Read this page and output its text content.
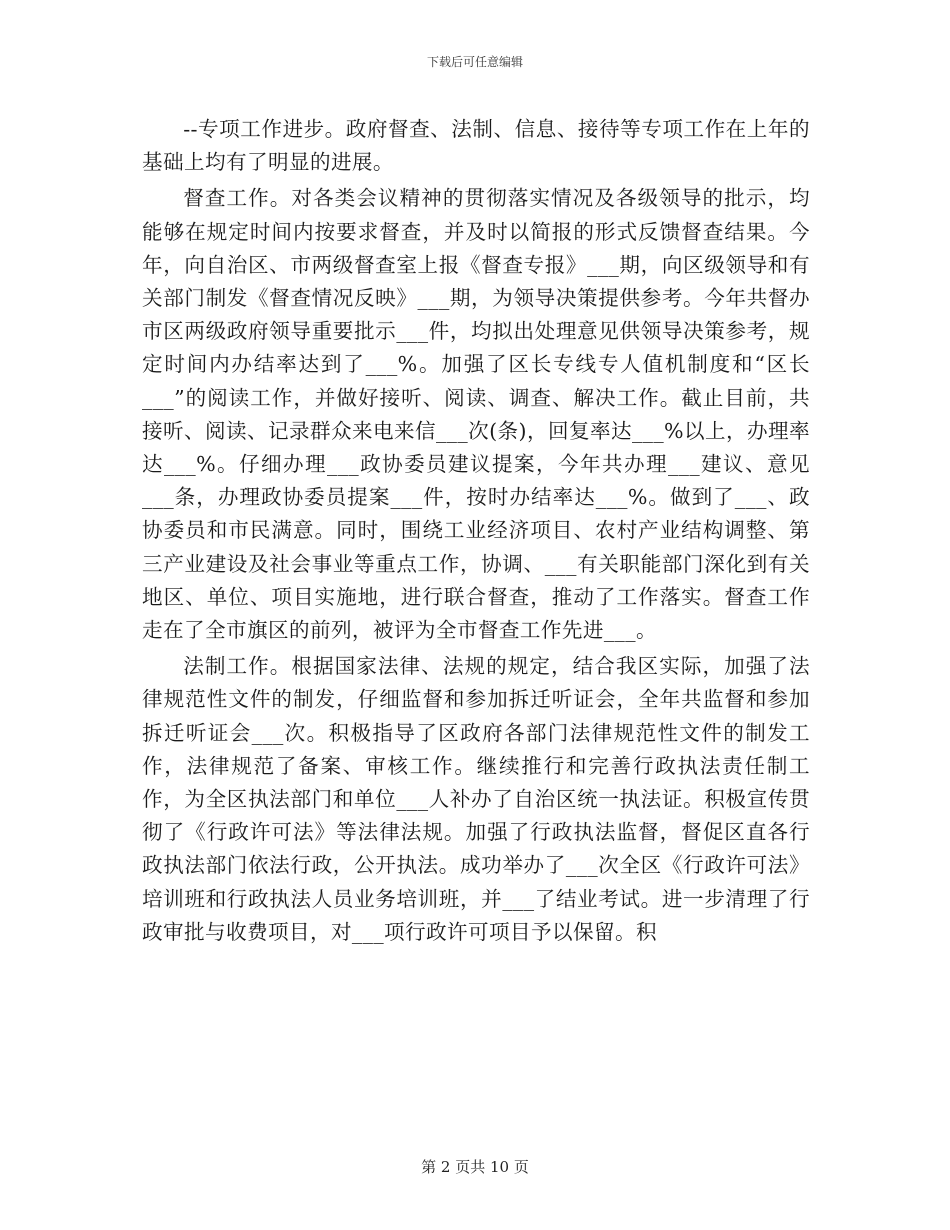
下载后可任意编辑

--专项工作进步。政府督查、法制、信息、接待等专项工作在上年的基础上均有了明显的进展。

督查工作。对各类会议精神的贯彻落实情况及各级领导的批示，均能够在规定时间内按要求督查，并及时以简报的形式反馈督查结果。今年，向自治区、市两级督查室上报《督查专报》___期，向区级领导和有关部门制发《督查情况反映》___期，为领导决策提供参考。今年共督办市区两级政府领导重要批示___件，均拟出处理意见供领导决策参考，规定时间内办结率达到了___%。加强了区长专线专人值机制度和“区长___”的阅读工作，并做好接听、阅读、调查、解决工作。截止目前，共接听、阅读、记录群众来电来信___次(条)，回复率达___%以上，办理率达___%。仔细办理___政协委员建议提案，今年共办理___建议、意见___条，办理政协委员提案___件，按时办结率达___%。做到了___、政协委员和市民满意。同时，围绕工业经济项目、农村产业结构调整、第三产业建设及社会事业等重点工作，协调、___有关职能部门深化到有关地区、单位、项目实施地，进行联合督查，推动了工作落实。督查工作走在了全市旗区的前列，被评为全市督查工作先进___。

法制工作。根据国家法律、法规的规定，结合我区实际，加强了法律规范性文件的制发，仔细监督和参加拆迁听证会，全年共监督和参加拆迁听证会___次。积极指导了区政府各部门法律规范性文件的制发工作，法律规范了备案、审核工作。继续推行和完善行政执法责任制工作，为全区执法部门和单位___人补办了自治区统一执法证。积极宣传贯彻了《行政许可法》等法律法规。加强了行政执法监督，督促区直各行政执法部门依法行政，公开执法。成功举办了___次全区《行政许可法》培训班和行政执法人员业务培训班，并___了结业考试。进一步清理了行政审批与收费项目，对___项行政许可项目予以保留。积

第 2 页共 10 页
